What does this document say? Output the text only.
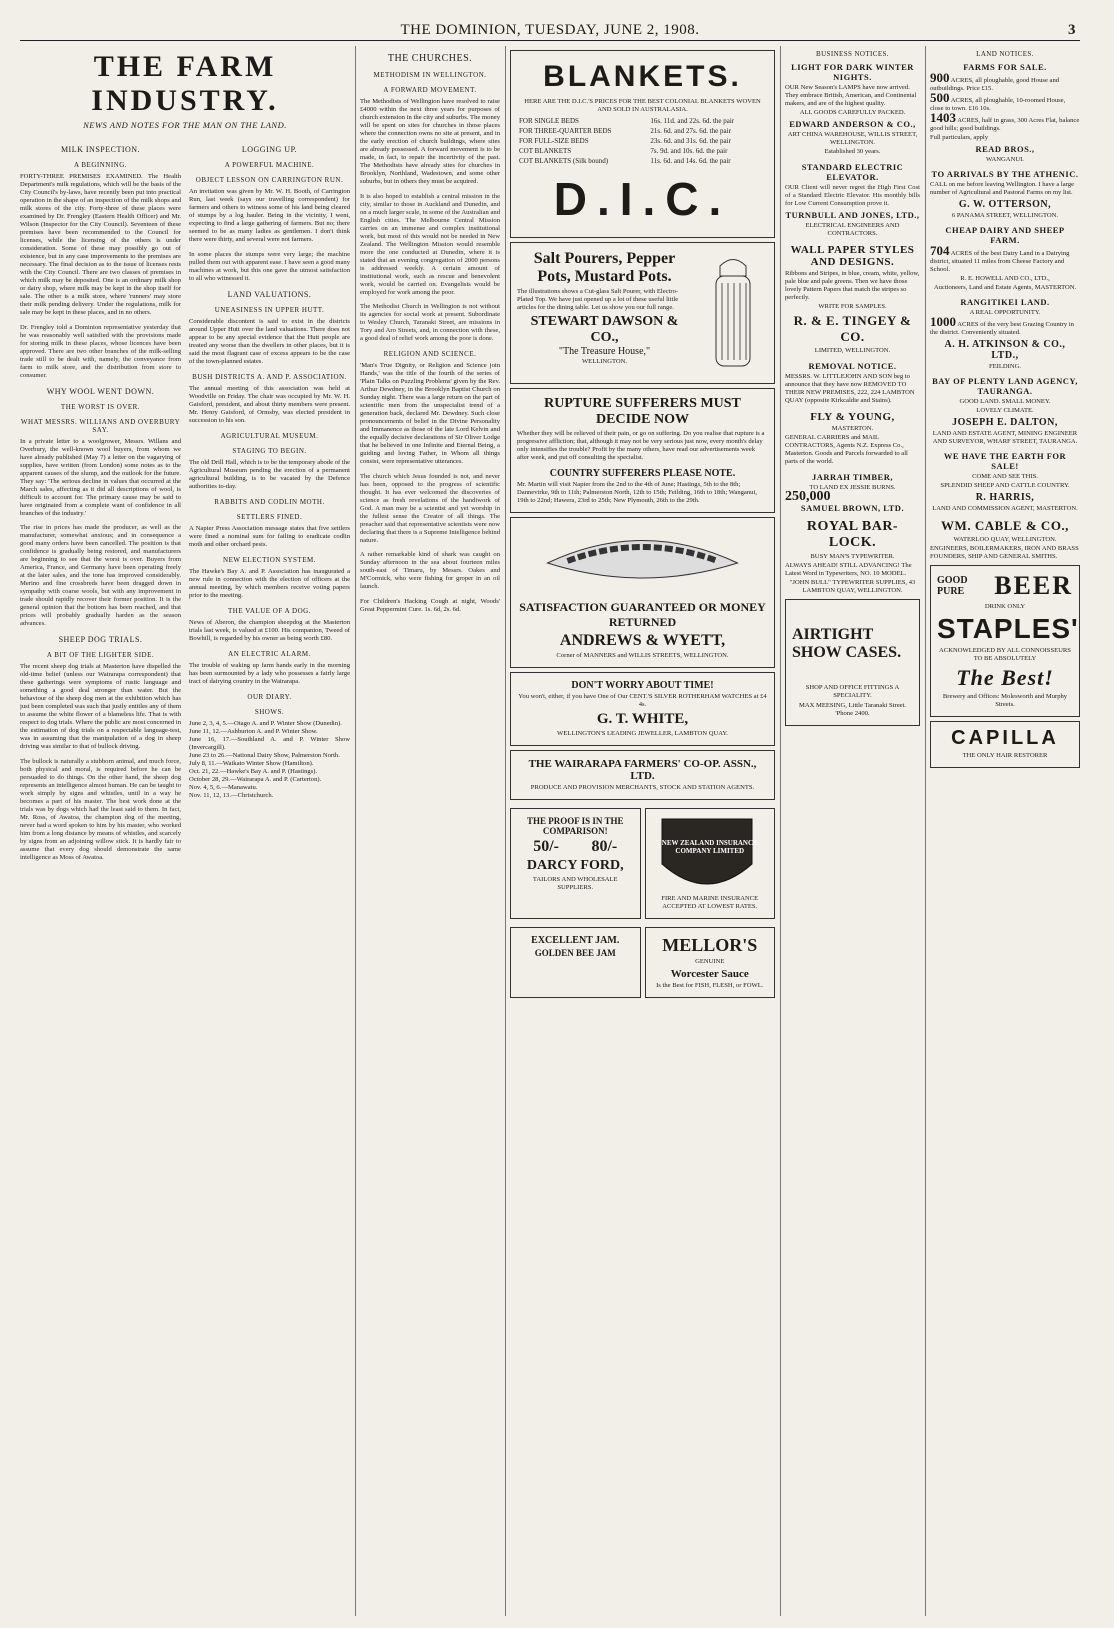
THE DOMINION, TUESDAY, JUNE 2, 1908.	3
THE FARM INDUSTRY.
NEWS AND NOTES FOR THE MAN ON THE LAND.
MILK INSPECTION.
A BEGINNING.

FORTY-THREE PREMISES EXAMINED. The Health Department's milk regulations, which will be the basis of the City Council's by-laws, have recently been put into practical operation in the shape of an inspection of the milk shops and milk stores of the city. Forty-three of these places were examined by Dr. Frengley (Eastern Health Officer) and Mr. Wilson (Inspector for the City Council). Seventeen of these premises have been recommended to the Council for licenses, while the licensing of the others is under consideration. Some of these may possibly go out of existence, but in any case improvements to the premises are necessary. The final decision as to the issue of licenses rests with the City Council. There are two classes of premises in which milk may be deposited. One is an ordinary milk shop or dairy shop, where milk may be kept in the shop itself for sale. The other is a milk store, where 'runners' may store their milk pending delivery. Under the regulations, milk for sale may be kept in these places, and in no others.

Dr. Frengley told a Dominion representative yesterday that he was reasonably well satisfied with the provisions made for storing milk in these places, whose licences have been approved. There are two other branches of the milk-selling trade still to be dealt with, namely, the conveyance from farm to milk store, and the distribution from store to consumer.

WHY WOOL WENT DOWN.
THE WORST IS OVER.
WHAT MESSRS. WILLIANS AND OVERBURY SAY.

In a private letter to a woolgrower, Messrs. Willans and Overbury, the well-known wool buyers, from whom we have already published (May 7) a letter on the vagarying of supplies, have written (from London) some notes as to the apparent causes of the slump, and the outlook for the future. They say: 'The serious decline in values that occurred at the March sales, affecting as it did all descriptions of wool, is difficult to account for. The primary cause may be said to have originated from a complete want of confidence in all branches of the industry.'

The rise in prices has made the producer, as well as the manufacturer, somewhat anxious; and in consequence a good many orders have been cancelled. The position is that confidence is gradually being restored, and manufacturers are beginning to see that the worst is over. Buyers from America, France, and Germany have been operating freely at the later sales, and the tone has improved considerably. Merino and fine crossbreds have been dragged down in sympathy with coarse wools, but with any improvement in trade should rapidly recover their former position. It is the general opinion that the bottom has been reached, and that prices will probably gradually harden as the season advances.

SHEEP DOG TRIALS.
A BIT OF THE LIGHTER SIDE.

The recent sheep dog trials at Masterton have dispelled the old-time belief (unless our Wairarapa correspondent) that these gatherings were symptoms of rustic language and something a good deal stronger than water. But the behaviour of the sheep dog men at the exhibition which has just been completed was such that justly entitles any of them to assume the white flower of a blameless life. That is with respect to dog trials. Where the public are most concerned in the estimation of dog trials on a respectable language-test, was in assuming that the manipulation of a dog in sheep driving was similar to that of bullock driving.

The bullock is naturally a stubborn animal, and much force, both physical and moral, is required before he can be persuaded to do things. On the other hand, the sheep dog represents an intelligence almost human. He can be taught to work simply by signs and whistles, until in a way he becomes a part of his master. The best work done at the trials was by dogs which had the least said to them. In fact, Mr. Ross, of Awatoa, the champion dog of the meeting, never had a word spoken to him by his master, who worked him from a long distance by means of whistles, and scarcely by signs from an adjoining willow stick. It is hardly fair to assume that every dog should demonstrate the same intelligence as Moss of Awatoa.

LOGGING UP.
A POWERFUL MACHINE.
OBJECT LESSON ON CARRINGTON RUN.

An invitation was given by Mr. W. H. Booth, of Carrington Run, last week (says our travelling correspondent) for farmers and others to witness some of his land being cleared of stumps by a log hauler. Being in the vicinity, I went, expecting to find a large gathering of farmers. But no; there seemed to be as many ladies as gentlemen. I don't think there were thirty, and several were not farmers.

In some places the stumps were very large; the machine pulled them out with apparent ease. I have seen a good many machines at work, but this one gave the utmost satisfaction to all who witnessed it.

LAND VALUATIONS.
UNEASINESS IN UPPER HUTT.

Considerable discontent is said to exist in the districts around Upper Hutt over the land valuations. There does not appear to be any special evidence that the Hutt people are treated any worse than the dwellers in other places, but it is said the most flagrant case of excess appears to be the case of the town-planned estates.

BUSH DISTRICTS A. AND P. ASSOCIATION.

The annual meeting of this association was held at Woodville on Friday. The chair was occupied by Mr. W. H. Gaisford, president, and about thirty members were present. Mr. Henry Gaisford, of Ormsby, was elected president in succession to his son.

AGRICULTURAL MUSEUM.
STAGING TO BEGIN.

The old Drill Hall, which is to be the temporary abode of the Agricultural Museum pending the erection of a permanent agricultural building, is to be vacated by the Defence authorities to-day.

RABBITS AND CODLIN MOTH.
SETTLERS FINED.

A Napier Press Association message states that five settlers were fined a nominal sum for failing to eradicate codlin moth and other orchard pests.

NEW ELECTION SYSTEM.

The Hawke's Bay A. and P. Association has inaugurated a new rule in connection with the election of officers at the annual meeting, by which members receive voting papers prior to the meeting.

THE VALUE OF A DOG.

News of Aberon, the champion sheepdog at the Masterton trials last week, is valued at £100. His companion, Tweed of Bowhill, is regarded by his owner as being worth £80.

AN ELECTRIC ALARM.

The trouble of waking up farm hands early in the morning has been surmounted by a lady who possesses a fairly large tract of dairying country in the Wairarapa.

OUR DIARY.
SHOWS.

June 2, 3, 4, 5.—Otago A. and P. Winter Show (Dunedin).

June 11, 12.—Ashburton A. and P. Winter Show.

June 16, 17.—Southland A. and P. Winter Show (Invercargill).

June 23 to 26.—National Dairy Show, Palmerston North.

July 8, 11.—Waikato Winter Show (Hamilton).

Oct. 21, 22.—Hawke's Bay A. and P. (Hastings).

October 28, 29.—Wairarapa A. and P. (Carterton).

Nov. 4, 5, 6.—Manawatu.

Nov. 11, 12, 13.—Christchurch.

THE CHURCHES.
METHODISM IN WELLINGTON.
A FORWARD MOVEMENT.

The Methodists of Wellington have resolved to raise £4000 within the next three years for purposes of church extension in the city and suburbs. The money will be spent on sites for churches in those places where the connection owns no site at present, and in the early erection of church buildings, where sites are already possessed. A forward movement is to be made, in fact, to repair the incertivity of the past. The Methodists have already sites for churches in Brooklyn, Northland, Wadestown, and some other suburbs, but in others they must be acquired.

It is also hoped to establish a central mission in the city, similar to those in Auckland and Dunedin, and on a much larger scale, in some of the Australian and English cities. The Melbourne Central Mission carries on an immense and complex institutional work, but most of this would not be needed in New Zealand. The Wellington Mission would resemble more the one conducted at Dunedin, where it is stated that an evening congregation of 2000 persons is addressed weekly. A certain amount of institutional work, such as rescue and benevolent work, would be carried on. Evangelists would be employed for work among the poor.

The Methodist Church in Wellington is not without its agencies for social work at present. Subordinate to Wesley Church, Taranaki Street, are missions in Tory and Aro Streets, and, in connection with these, a good deal of relief work among the poor is done.

RELIGION AND SCIENCE.

'Man's True Dignity, or Religion and Science join Hands,' was the title of the fourth of the series of 'Plain Talks on Puzzling Problems' given by the Rev. Arthur Dewdney, in the Brooklyn Baptist Church on Sunday night. There was a large return on the part of scientific men from the unspecialist trend of a generation back, declared Mr. Dewdney. Such close pronouncements of belief in the Divine Personality and Immanence as those of the late Lord Kelvin and the equally decisive declarations of Sir Oliver Lodge that he believed in one Infinite and Eternal Being, a guiding and loving Father, in Whom all things consist, were representative utterances.

The church which Jesus founded is not, and never has been, opposed to the progress of scientific thought. It has ever welcomed the discoveries of science as fresh revelations of the handiwork of God. A man may be a scientist and yet worship in the fullest sense the Creator of all things. The preacher said that representative scientists were now declaring that there is a Supreme Intelligence behind nature.

A rather remarkable kind of shark was caught on Sunday afternoon in the sea about fourteen miles south-east of Timaru, by Messrs. Oakes and M'Cormick, who were fishing for groper in an oil launch.

For Children's Hacking Cough at night, Woods' Great Peppermint Cure. 1s. 6d, 2s. 6d.

BLANKETS.

HERE ARE THE D.I.C.'S PRICES FOR THE BEST COLONIAL BLANKETS WOVEN AND SOLD IN AUSTRALASIA.

FOR SINGLE BEDS	16s. 11d. and 22s. 6d. the pair
FOR THREE-QUARTER BEDS	21s. 6d. and 27s. 6d. the pair
FOR FULL-SIZE BEDS	23s. 6d. and 31s. 6d. the pair
COT BLANKETS	7s. 9d. and 10s. 6d. the pair
COT BLANKETS (Silk bound)	11s. 6d. and 14s. 6d. the pair
D.I.C.
Salt Pourers, Pepper Pots, Mustard Pots.

The illustrations shows a Cut-glass Salt Pourer, with Electro-Plated Top. We have just opened up a lot of these useful little articles for the dining table. Let us show you our full range.

STEWART DAWSON & CO.,

"The Treasure House,"

WELLINGTON.

RUPTURE SUFFERERS MUST DECIDE NOW

Whether they will be relieved of their pain, or go on suffering. Do you realise that rupture is a progressive affliction; that, although it may not be very serious just now, every month's delay only intensifies the trouble? Profit by the many others, have read our advertisements week after week, and put off consulting the specialist.

COUNTRY SUFFERERS PLEASE NOTE.

Mr. Martin will visit Napier from the 2nd to the 4th of June; Hastings, 5th to the 8th; Dannevirke, 9th to 11th; Palmerston North, 12th to 15th; Feilding, 16th to 18th; Wanganui, 19th to 22nd; Hawera, 23rd to 25th; New Plymouth, 26th to the 29th.

SATISFACTION GUARANTEED OR MONEY RETURNED
ANDREWS & WYETT,

Corner of MANNERS and WILLIS STREETS, WELLINGTON.

DON'T WORRY ABOUT TIME!

You won't, either, if you have One of Our CENT.'S SILVER ROTHERHAM WATCHES at £4 4s.

G. T. WHITE,

WELLINGTON'S LEADING JEWELLER, LAMBTON QUAY.

THE WAIRARAPA FARMERS' CO-OP. ASSN., LTD.

PRODUCE AND PROVISION MERCHANTS, STOCK AND STATION AGENTS.

THE PROOF IS IN THE COMPARISON!
50/- 80/-
DARCY FORD,

TAILORS AND WHOLESALE SUPPLIERS.

NEW ZEALAND INSURANCE COMPANY LIMITED

FIRE AND MARINE INSURANCE ACCEPTED AT LOWEST RATES.

EXCELLENT JAM.
GOLDEN BEE JAM	MELLOR'S

GENUINE

Worcester Sauce

Is the Best for FISH, FLESH, or FOWL.

BUSINESS NOTICES.
LIGHT FOR DARK WINTER NIGHTS.

OUR New Season's LAMPS have now arrived. They embrace British, American, and Continental makers, and are of the highest quality.

ALL GOODS CAREFULLY PACKED.

EDWARD ANDERSON & CO.,

ART CHINA WAREHOUSE, WILLIS STREET, WELLINGTON.

Established 30 years.

STANDARD ELECTRIC ELEVATOR.

OUR Client will never regret the High First Cost of a Standard Electric Elevator. His monthly bills for Low Current Consumption prove it.

TURNBULL AND JONES, LTD.,

ELECTRICAL ENGINEERS AND CONTRACTORS.

WALL PAPER STYLES AND DESIGNS.

Ribbons and Stripes, in blue, cream, white, yellow, pale blue and pale greens. Then we have those lovely Pattern Papers that match the stripes so perfectly.

WRITE FOR SAMPLES.

R. & E. TINGEY & CO.

LIMITED, WELLINGTON.

REMOVAL NOTICE.

MESSRS. W. LITTLEJOHN AND SON beg to announce that they have now REMOVED TO THEIR NEW PREMISES, 222, 224 LAMBTON QUAY (opposite Kirkcaldie and Stains).

FLY & YOUNG,

MASTERTON.

GENERAL CARRIERS and MAIL CONTRACTORS, Agents N.Z. Express Co., Masterton. Goods and Parcels forwarded to all parts of the world.

JARRAH TIMBER,

TO LAND EX JESSIE BURNS.

250,000

SAMUEL BROWN, LTD.
ROYAL BAR-LOCK.

BUSY MAN'S TYPEWRITER.

ALWAYS AHEAD! STILL ADVANCING! The Latest Word in Typewriters, NO. 10 MODEL.

"JOHN BULL" TYPEWRITER SUPPLIES, 43 LAMBTON QUAY, WELLINGTON.

AIRTIGHT SHOW CASES.

SHOP AND OFFICE FITTINGS A SPECIALITY.

MAX MEESING, Little Taranaki Street. 'Phone 2400.

LAND NOTICES.
FARMS FOR SALE.

900 ACRES, all ploughable, good House and outbuildings. Price £15.

500 ACRES, all ploughable, 10-roomed House, close to town. £16 10s.

1403 ACRES, half in grass, 300 Acres Flat, balance good hills; good buildings.

Full particulars, apply

READ BROS.,

WANGANUI.

TO ARRIVALS BY THE ATHENIC.

CALL on me before leaving Wellington. I have a large number of Agricultural and Pastoral Farms on my list.

G. W. OTTERSON,

6 PANAMA STREET, WELLINGTON.

CHEAP DAIRY AND SHEEP FARM.

704 ACRES of the best Dairy Land in a Dairying district, situated 11 miles from Cheese Factory and School.

R. E. HOWELL AND CO., LTD.,

Auctioneers, Land and Estate Agents, MASTERTON.

RANGITIKEI LAND.

A REAL OPPORTUNITY.

1000 ACRES of the very best Grazing Country in the district. Conveniently situated.

A. H. ATKINSON & CO., LTD.,

FEILDING.

BAY OF PLENTY LAND AGENCY, TAURANGA.

GOOD LAND. SMALL MONEY.

LOVELY CLIMATE.

JOSEPH E. DALTON,

LAND AND ESTATE AGENT, MINING ENGINEER AND SURVEYOR, WHARF STREET, TAURANGA.

WE HAVE THE EARTH FOR SALE!

COME AND SEE THIS.

SPLENDID SHEEP AND CATTLE COUNTRY.

R. HARRIS,

LAND AND COMMISSION AGENT, MASTERTON.

WM. CABLE & CO.,

WATERLOO QUAY, WELLINGTON.

ENGINEERS, BOILERMAKERS, IRON AND BRASS FOUNDERS, SHIP AND GENERAL SMITHS.

GOOD PURE	BEER

DRINK ONLY

STAPLES'

ACKNOWLEDGED BY ALL CONNOISSEURS TO BE ABSOLUTELY

The Best!

Brewery and Offices: Molesworth and Murphy Streets.

CAPILLA

THE ONLY HAIR RESTORER
